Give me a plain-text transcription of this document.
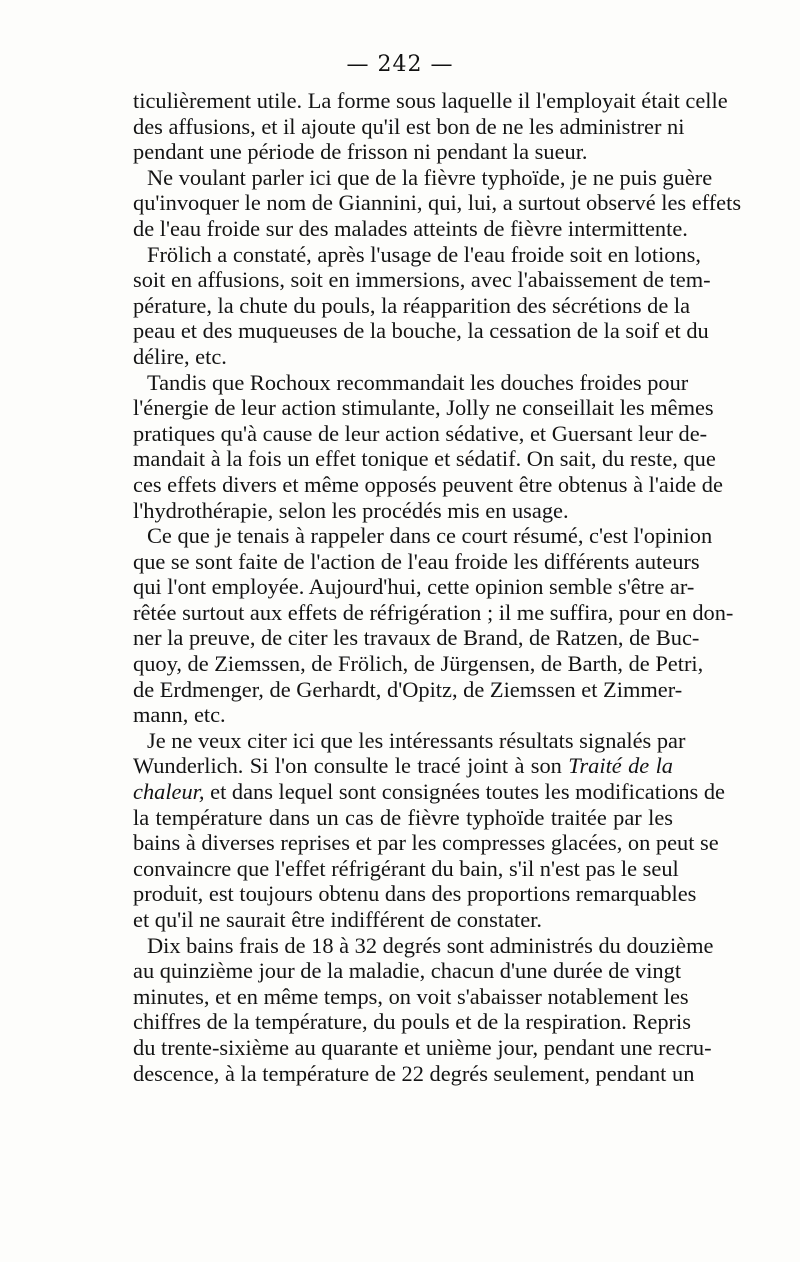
— 242 —
ticulièrement utile. La forme sous laquelle il l'employait était celle
des affusions, et il ajoute qu'il est bon de ne les administrer ni
pendant une période de frisson ni pendant la sueur.
Ne voulant parler ici que de la fièvre typhoïde, je ne puis guère
qu'invoquer le nom de Giannini, qui, lui, a surtout observé les effets
de l'eau froide sur des malades atteints de fièvre intermittente.
Frölich a constaté, après l'usage de l'eau froide soit en lotions,
soit en affusions, soit en immersions, avec l'abaissement de tem-
pérature, la chute du pouls, la réapparition des sécrétions de la
peau et des muqueuses de la bouche, la cessation de la soif et du
délire, etc.
Tandis que Rochoux recommandait les douches froides pour
l'énergie de leur action stimulante, Jolly ne conseillait les mêmes
pratiques qu'à cause de leur action sédative, et Guersant leur de-
mandait à la fois un effet tonique et sédatif. On sait, du reste, que
ces effets divers et même opposés peuvent être obtenus à l'aide de
l'hydrothérapie, selon les procédés mis en usage.
Ce que je tenais à rappeler dans ce court résumé, c'est l'opinion
que se sont faite de l'action de l'eau froide les différents auteurs
qui l'ont employée. Aujourd'hui, cette opinion semble s'être ar-
rêtée surtout aux effets de réfrigération ; il me suffira, pour en don-
ner la preuve, de citer les travaux de Brand, de Ratzen, de Buc-
quoy, de Ziemssen, de Frölich, de Jürgensen, de Barth, de Petri,
de Erdmenger, de Gerhardt, d'Opitz, de Ziemssen et Zimmer-
mann, etc.
Je ne veux citer ici que les intéressants résultats signalés par
Wunderlich. Si l'on consulte le tracé joint à son Traité de la
chaleur, et dans lequel sont consignées toutes les modifications de
la température dans un cas de fièvre typhoïde traitée par les
bains à diverses reprises et par les compresses glacées, on peut se
convaincre que l'effet réfrigérant du bain, s'il n'est pas le seul
produit, est toujours obtenu dans des proportions remarquables
et qu'il ne saurait être indifférent de constater.
Dix bains frais de 18 à 32 degrés sont administrés du douzième
au quinzième jour de la maladie, chacun d'une durée de vingt
minutes, et en même temps, on voit s'abaisser notablement les
chiffres de la température, du pouls et de la respiration. Repris
du trente-sixième au quarante et unième jour, pendant une recru-
descence, à la température de 22 degrés seulement, pendant un
